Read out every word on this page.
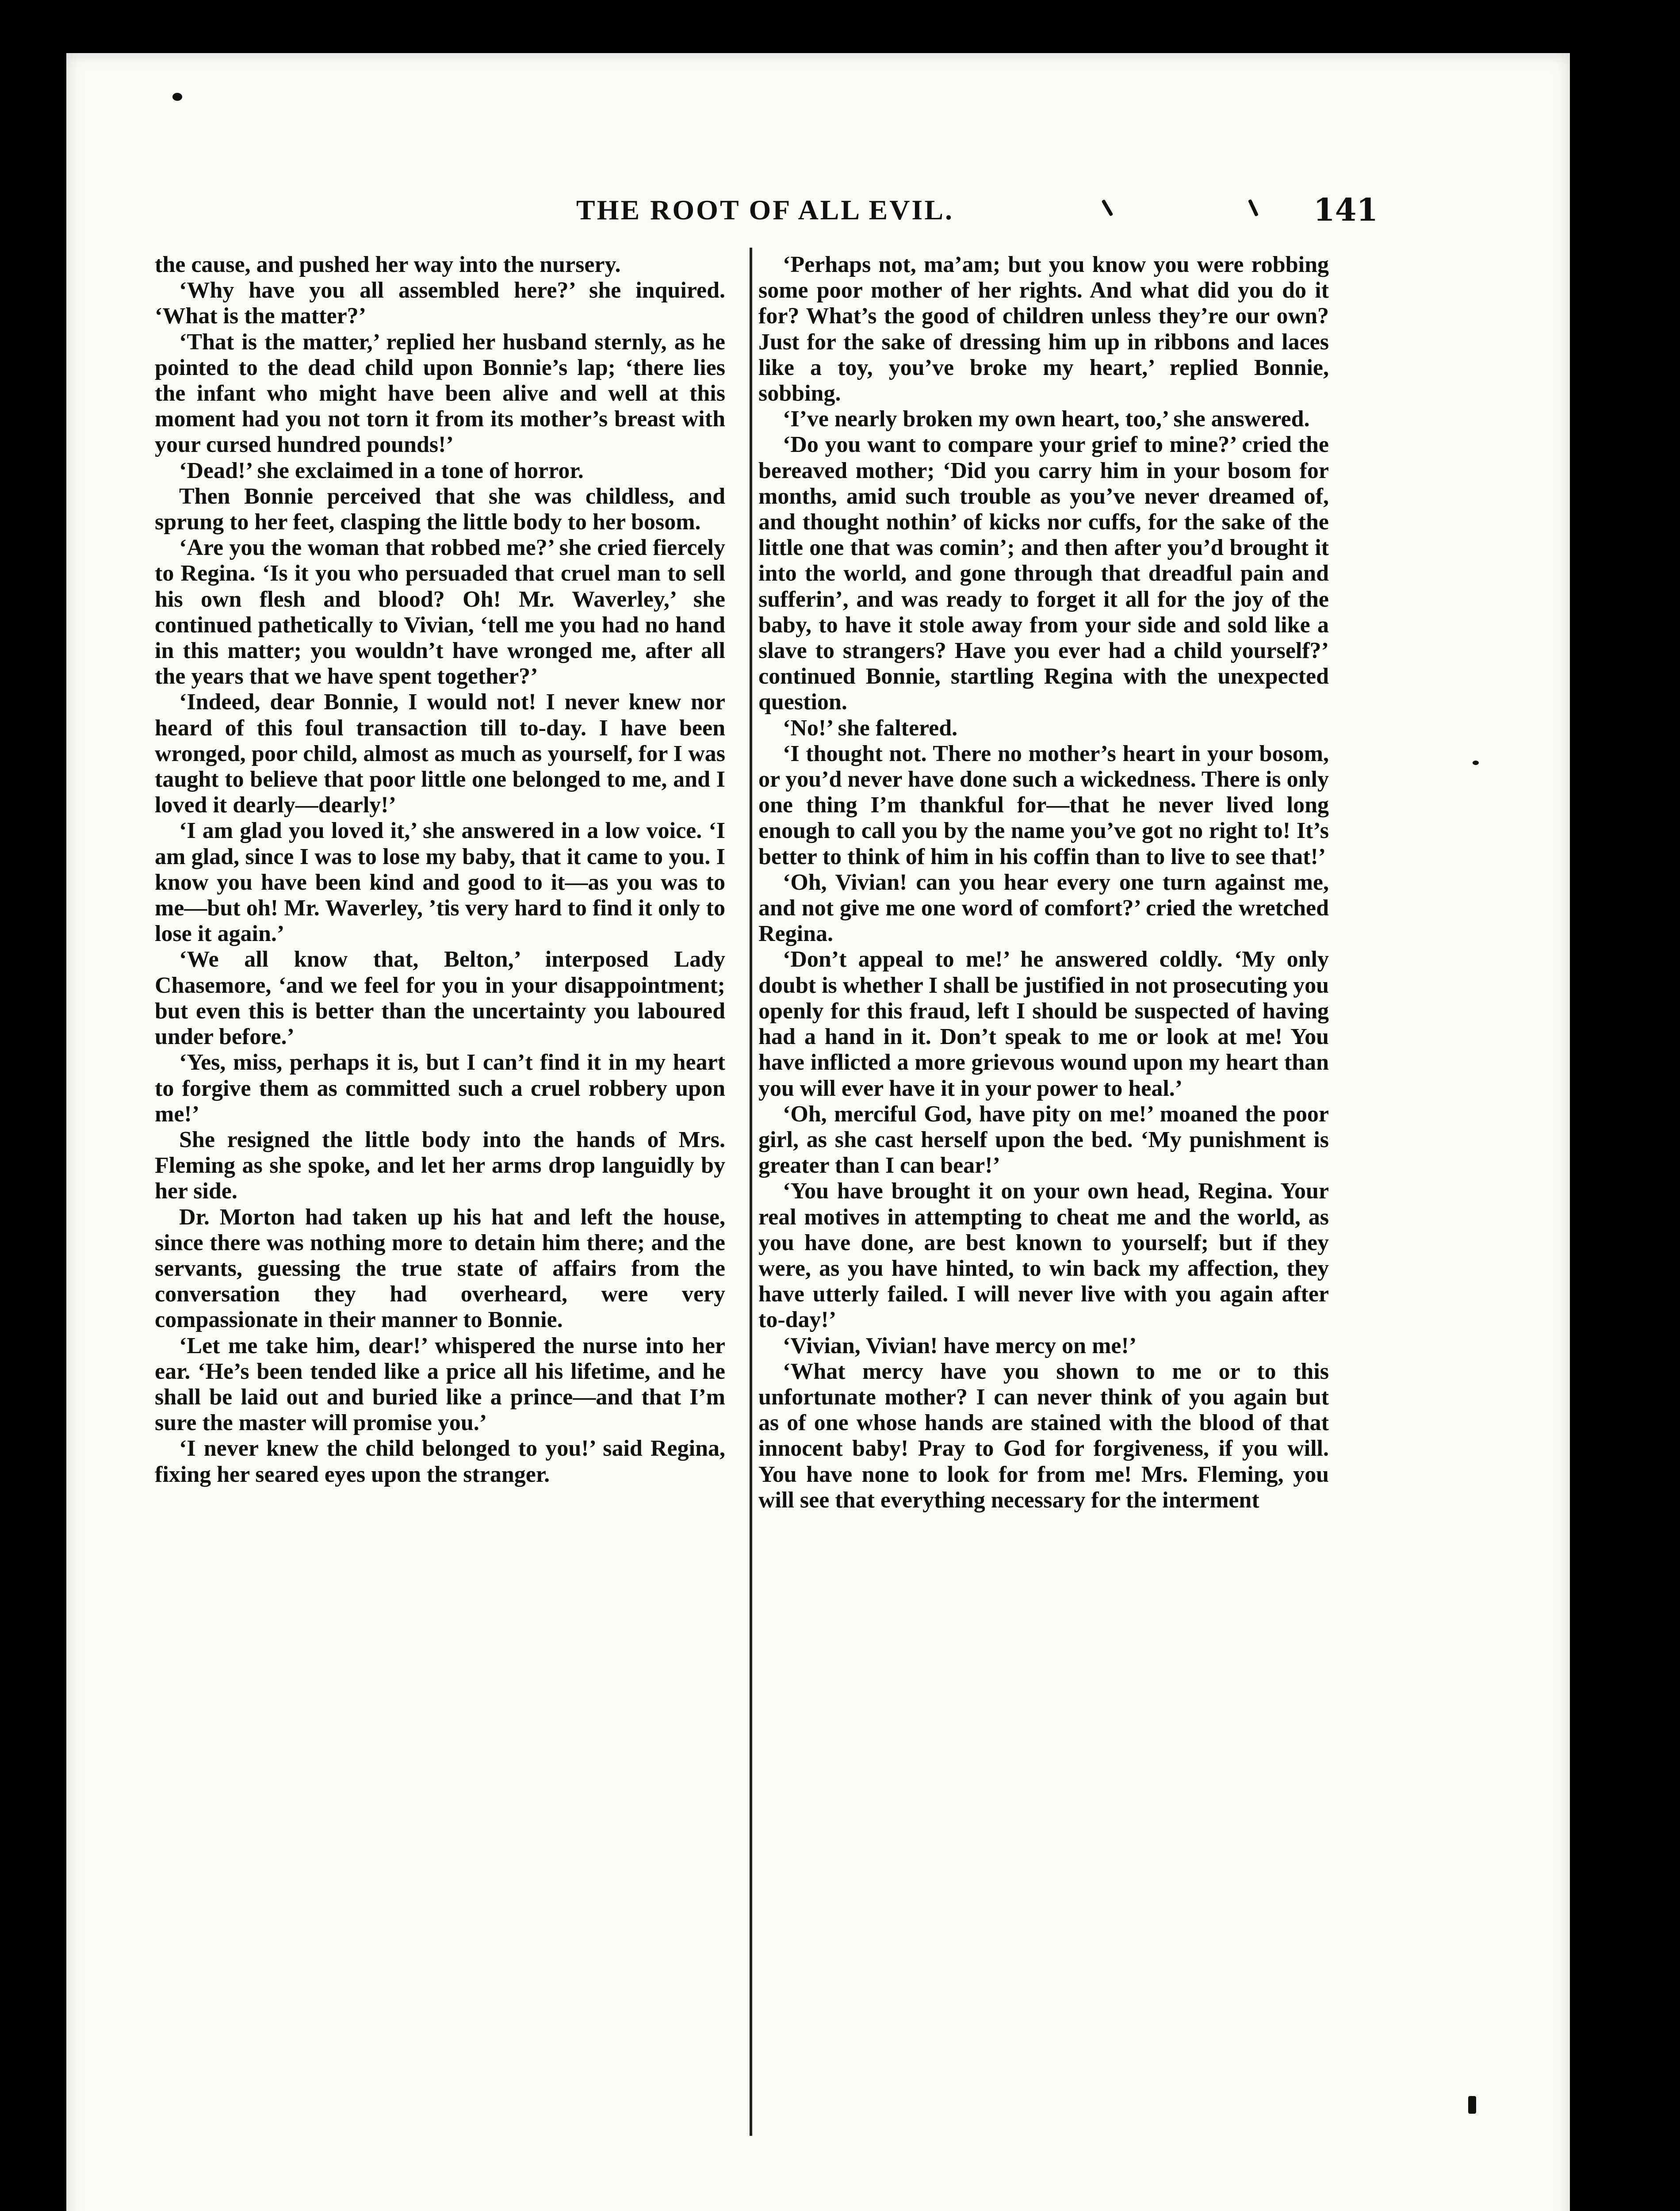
THE ROOT OF ALL EVIL.	141

the cause, and pushed her way into the nursery.

‘Why have you all assembled here?’ she inquired. ‘What is the matter?’

‘That is the matter,’ replied her husband sternly, as he pointed to the dead child upon Bonnie’s lap; ‘there lies the infant who might have been alive and well at this moment had you not torn it from its mother’s breast with your cursed hundred pounds!’

‘Dead!’ she exclaimed in a tone of horror.

Then Bonnie perceived that she was childless, and sprung to her feet, clasping the little body to her bosom.

‘Are you the woman that robbed me?’ she cried fiercely to Regina. ‘Is it you who persuaded that cruel man to sell his own flesh and blood? Oh! Mr. Waverley,’ she continued pathetically to Vivian, ‘tell me you had no hand in this matter; you wouldn’t have wronged me, after all the years that we have spent together?’

‘Indeed, dear Bonnie, I would not! I never knew nor heard of this foul transaction till to-day. I have been wronged, poor child, almost as much as yourself, for I was taught to believe that poor little one belonged to me, and I loved it dearly—dearly!’

‘I am glad you loved it,’ she answered in a low voice. ‘I am glad, since I was to lose my baby, that it came to you. I know you have been kind and good to it—as you was to me—but oh! Mr. Waverley, ’tis very hard to find it only to lose it again.’

‘We all know that, Belton,’ interposed Lady Chasemore, ‘and we feel for you in your disappointment; but even this is better than the uncertainty you laboured under before.’

‘Yes, miss, perhaps it is, but I can’t find it in my heart to forgive them as committed such a cruel robbery upon me!’

She resigned the little body into the hands of Mrs. Fleming as she spoke, and let her arms drop languidly by her side.

Dr. Morton had taken up his hat and left the house, since there was nothing more to detain him there; and the servants, guessing the true state of affairs from the conversation they had overheard, were very compassionate in their manner to Bonnie.

‘Let me take him, dear!’ whispered the nurse into her ear. ‘He’s been tended like a price all his lifetime, and he shall be laid out and buried like a prince—and that I’m sure the master will promise you.’

‘I never knew the child belonged to you!’ said Regina, fixing her seared eyes upon the stranger.

‘Perhaps not, ma’am; but you know you were robbing some poor mother of her rights. And what did you do it for? What’s the good of children unless they’re our own? Just for the sake of dressing him up in ribbons and laces like a toy, you’ve broke my heart,’ replied Bonnie, sobbing.

‘I’ve nearly broken my own heart, too,’ she answered.

‘Do you want to compare your grief to mine?’ cried the bereaved mother; ‘Did you carry him in your bosom for months, amid such trouble as you’ve never dreamed of, and thought nothin’ of kicks nor cuffs, for the sake of the little one that was comin’; and then after you’d brought it into the world, and gone through that dreadful pain and sufferin’, and was ready to forget it all for the joy of the baby, to have it stole away from your side and sold like a slave to strangers? Have you ever had a child yourself?’ continued Bonnie, startling Regina with the unexpected question.

‘No!’ she faltered.

‘I thought not. There no mother’s heart in your bosom, or you’d never have done such a wickedness. There is only one thing I’m thankful for—that he never lived long enough to call you by the name you’ve got no right to! It’s better to think of him in his coffin than to live to see that!’

‘Oh, Vivian! can you hear every one turn against me, and not give me one word of comfort?’ cried the wretched Regina.

‘Don’t appeal to me!’ he answered coldly. ‘My only doubt is whether I shall be justified in not prosecuting you openly for this fraud, left I should be suspected of having had a hand in it. Don’t speak to me or look at me! You have inflicted a more grievous wound upon my heart than you will ever have it in your power to heal.’

‘Oh, merciful God, have pity on me!’ moaned the poor girl, as she cast herself upon the bed. ‘My punishment is greater than I can bear!’

‘You have brought it on your own head, Regina. Your real motives in attempting to cheat me and the world, as you have done, are best known to yourself; but if they were, as you have hinted, to win back my affection, they have utterly failed. I will never live with you again after to-day!’

‘Vivian, Vivian! have mercy on me!’

‘What mercy have you shown to me or to this unfortunate mother? I can never think of you again but as of one whose hands are stained with the blood of that innocent baby! Pray to God for forgiveness, if you will. You have none to look for from me! Mrs. Fleming, you will see that everything necessary for the interment
